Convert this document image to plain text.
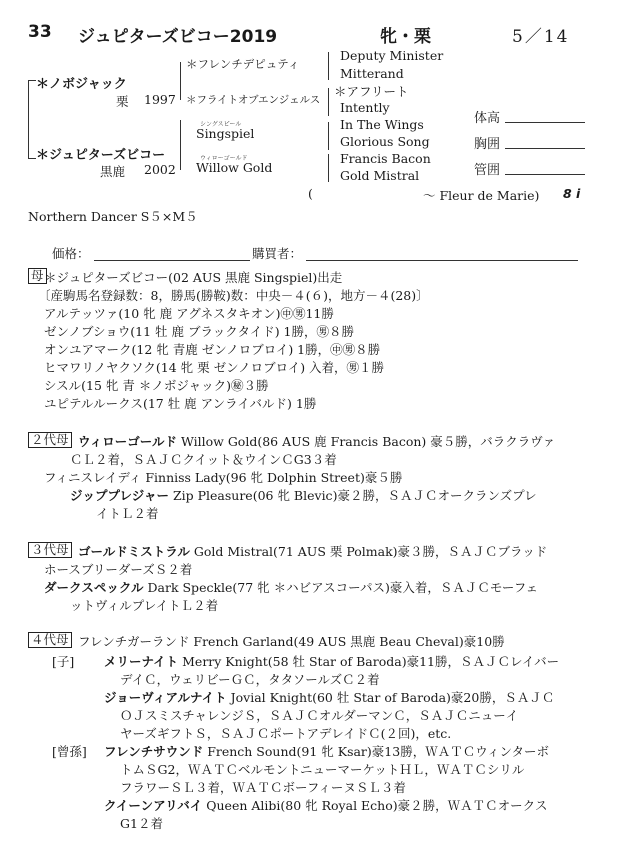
33 ジュピターズビコー2019	牝・栗	5／14
＊ノボジャック
栗 1997
＊フレンチデピュティ
＊フライトオブエンジェルス
＊ジュピターズビコー
黒鹿 2002
シングスピール
Singspiel
ウィローゴールド
Willow Gold
Deputy Minister
Mitterand
＊アフリート
Intently
In The Wings
Glorious Song
Francis Bacon
Gold Mistral
体高
胸囲
管囲
(	～ Fleur de Marie) 8 i
Northern Dancer S５×M５
価格：	購買者：
母 ＊ジュピターズビコー(02 AUS 黒鹿 Singspiel)出走
〔産駒馬名登録数：8，勝馬(勝鞍)数：中央－４(６)，地方－４(28)〕
アルテッツァ(10 牝 鹿 アグネスタキオン)㊥㊚11勝
ゼンノブショウ(11 牡 鹿 ブラックタイド) 1勝，㊚８勝
オンユアマーク(12 牝 青鹿 ゼンノロブロイ) 1勝，㊥㊚８勝
ヒマワリノヤクソク(14 牝 栗 ゼンノロブロイ) 入着，㊚１勝
シスル(15 牝 青 ＊ノボジャック)㊙３勝
ユピテルルークス(17 牡 鹿 アンライバルド) 1勝
２代母 ウィローゴールド Willow Gold(86 AUS 鹿 Francis Bacon) 豪５勝，バラクラヴァ
ＣＬ２着，ＳＡＪＣクイット＆ウインＣG3３着
フィニスレイディ Finniss Lady(96 牝 Dolphin Street)豪５勝
ジッププレジャー Zip Pleasure(06 牝 Blevic)豪２勝，ＳＡＪＣオークランズプレ
イトＬ２着
３代母 ゴールドミストラル Gold Mistral(71 AUS 栗 Polmak)豪３勝，ＳＡＪＣブラッド
ホースブリーダーズＳ２着
ダークスペックル Dark Speckle(77 牝 ＊ハビアスコーパス)豪入着，ＳＡＪＣモーフェ
ットヴィルプレイトＬ２着
４代母 フレンチガーランド French Garland(49 AUS 黒鹿 Beau Cheval)豪10勝
[子] メリーナイト Merry Knight(58 牡 Star of Baroda)豪11勝，ＳＡＪＣレイバー
デイＣ，ウェリビーＧＣ，タタソールズＣ２着
ジョーヴィアルナイト Jovial Knight(60 牡 Star of Baroda)豪20勝，ＳＡＪＣ
ＯＪスミスチャレンジＳ，ＳＡＪＣオルダーマンＣ，ＳＡＪＣニューイ
ヤーズギフトＳ，ＳＡＪＣポートアデレイドＣ(２回)，etc.
[曾孫] フレンチサウンド French Sound(91 牝 Ksar)豪13勝，ＷＡＴＣウィンターボ
トムＳG2，ＷＡＴＣベルモントニューマーケットＨＬ，ＷＡＴＣシリル
フラワーＳＬ３着，ＷＡＴＣボーフィーヌＳＬ３着
クイーンアリバイ Queen Alibi(80 牝 Royal Echo)豪２勝，ＷＡＴＣオークス
G1２着
